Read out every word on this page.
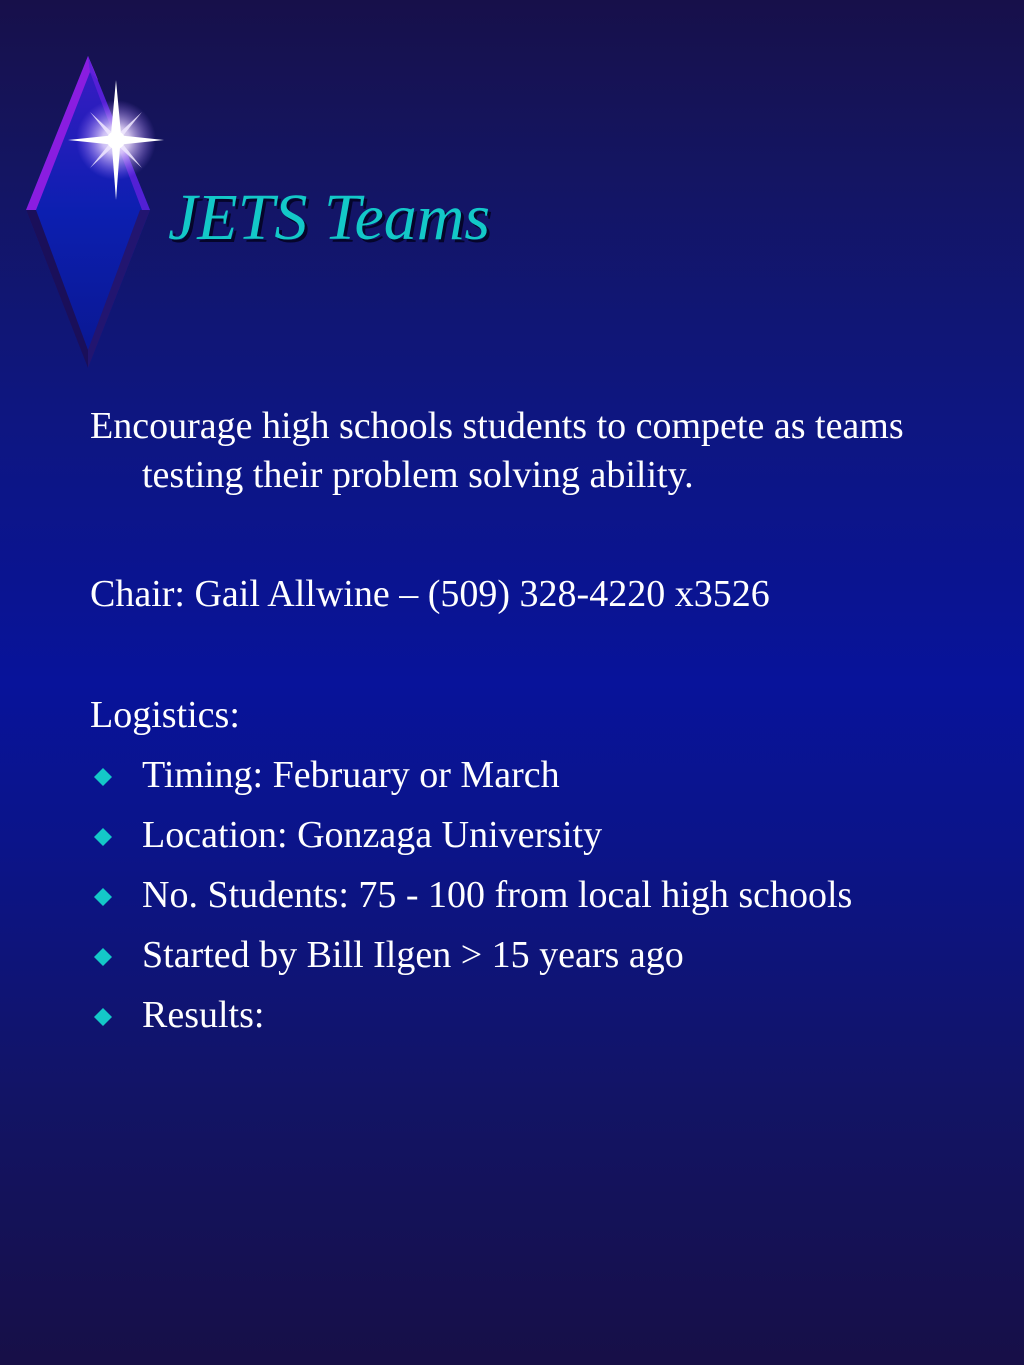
JETS Teams

Encourage high schools students to compete as teams testing their problem solving ability.

Chair: Gail Allwine – (509) 328-4220 x3526

Logistics:

Timing: February or March
Location: Gonzaga University
No. Students: 75 - 100 from local high schools
Started by Bill Ilgen > 15 years ago
Results:
